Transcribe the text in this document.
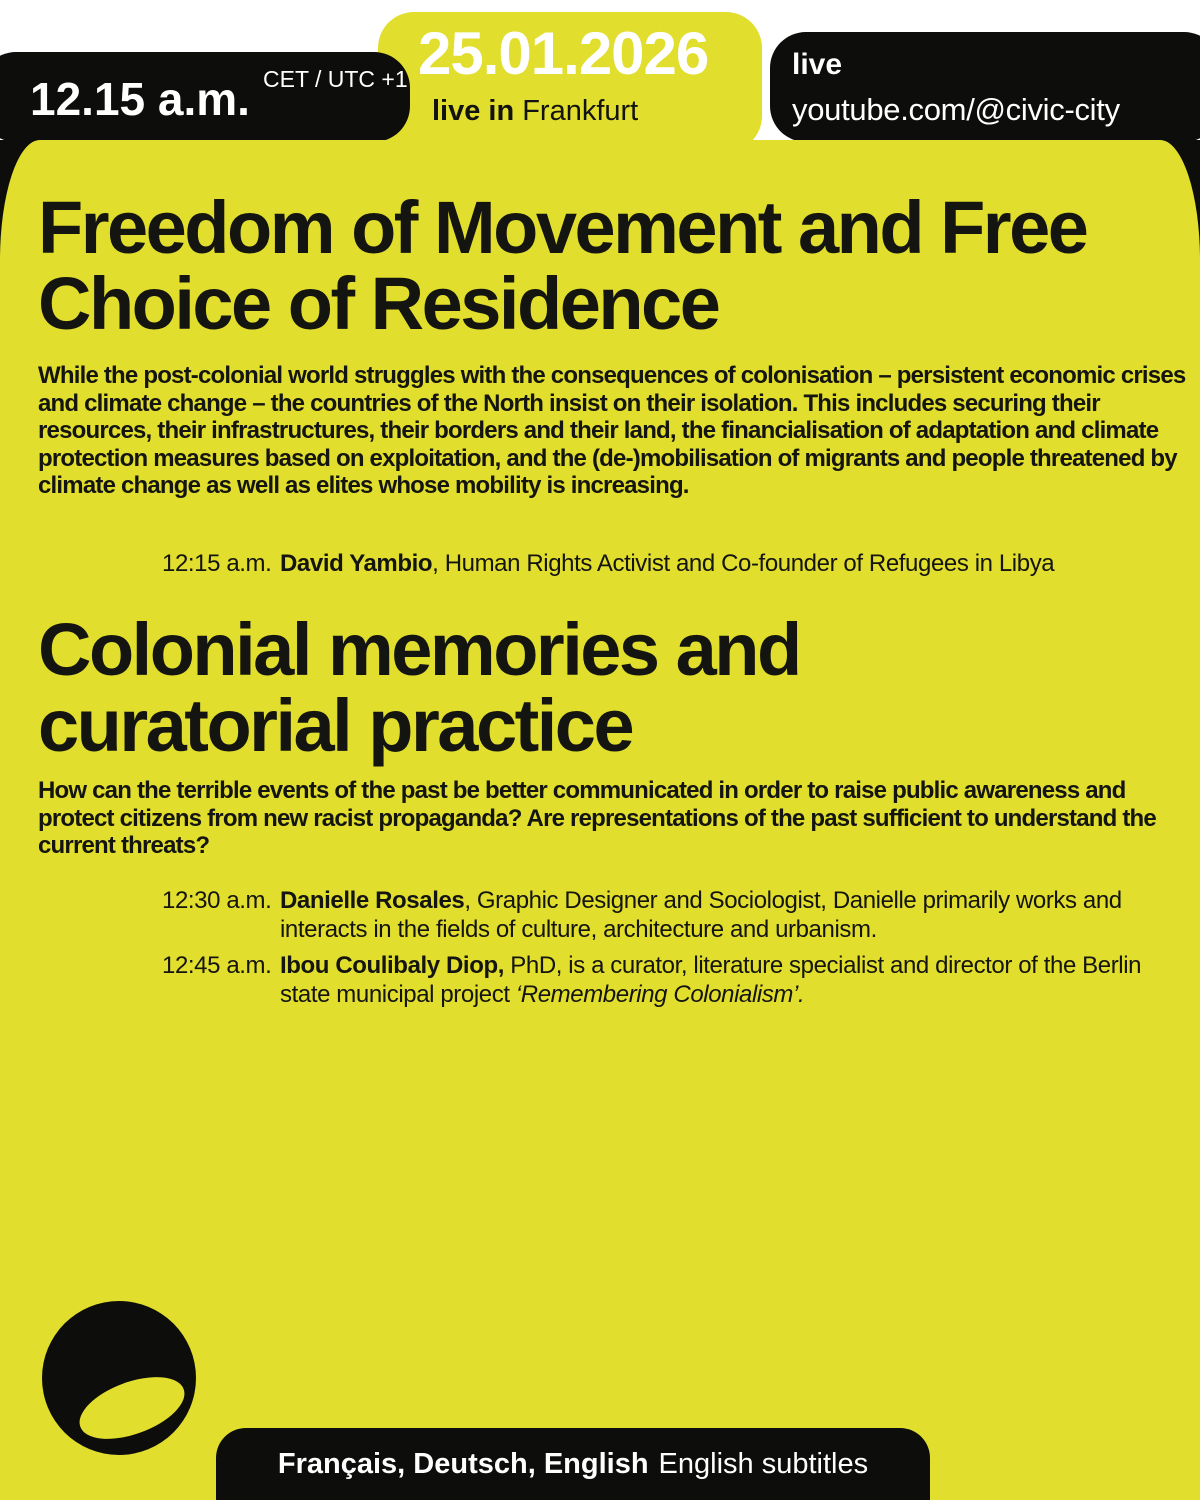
25.01.2026
live in Frankfurt
12.15 a.m. CET / UTC +1	live
youtube.com/@civic-city
Freedom of Movement and Free
Choice of Residence
While the post-colonial world struggles with the consequences of colonisation – persistent economic crises and climate change – the countries of the North insist on their isolation. This includes securing their resources, their infrastructures, their borders and their land, the financialisation of adaptation and climate protection measures based on exploitation, and the (de-)mobilisation of migrants and people threatened by climate change as well as elites whose mobility is increasing.
12:15 a.m. David Yambio, Human Rights Activist and Co-founder of Refugees in Libya
Colonial memories and
curatorial practice
How can the terrible events of the past be better communicated in order to raise public awareness and protect citizens from new racist propaganda? Are representations of the past sufficient to understand the current threats?
12:30 a.m. Danielle Rosales, Graphic Designer and Sociologist, Danielle primarily works and interacts in the fields of culture, architecture and urbanism.
12:45 a.m. Ibou Coulibaly Diop, PhD, is a curator, literature specialist and director of the Berlin state municipal project ‘Remembering Colonialism’.
Français, Deutsch, English English subtitles
